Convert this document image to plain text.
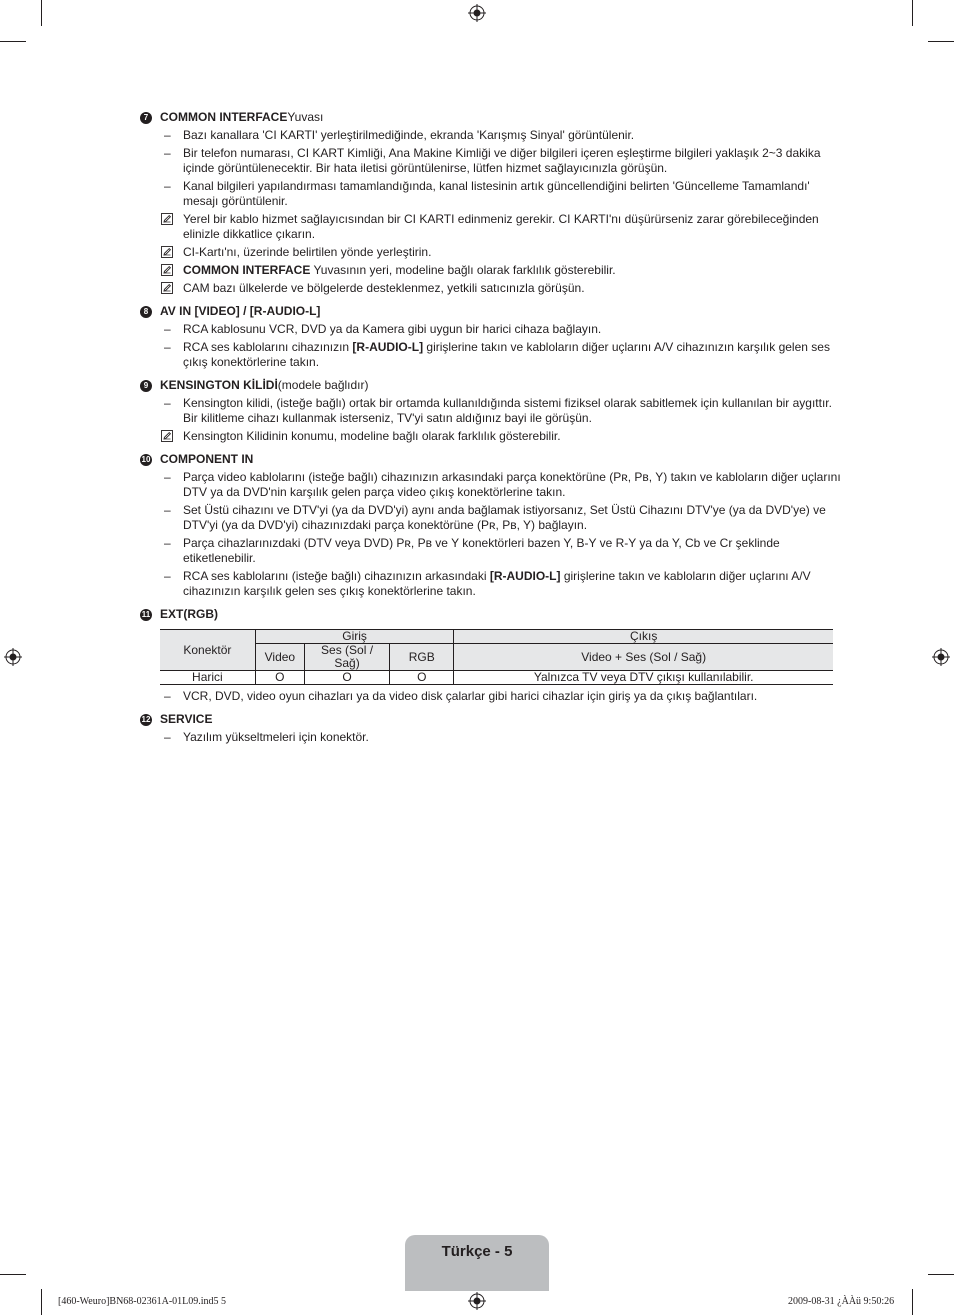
7 COMMON INTERFACE Yuvası
– Bazı kanallara 'CI KARTI' yerleştirilmediğinde, ekranda 'Karışmış Sinyal' görüntülenir.
– Bir telefon numarası, CI KART Kimliği, Ana Makine Kimliği ve diğer bilgileri içeren eşleştirme bilgileri yaklaşık 2~3 dakika içinde görüntülenecektir. Bir hata iletisi görüntülenirse, lütfen hizmet sağlayıcınızla görüşün.
– Kanal bilgileri yapılandırması tamamlandığında, kanal listesinin artık güncellendiğini belirten 'Güncelleme Tamamlandı' mesajı görüntülenir.
Yerel bir kablo hizmet sağlayıcısından bir CI KARTI edinmeniz gerekir. CI KARTI'nı düşürürseniz zarar görebileceğinden elinizle dikkatlice çıkarın.
CI-Kartı'nı, üzerinde belirtilen yönde yerleştirin.
COMMON INTERFACE Yuvasının yeri, modeline bağlı olarak farklılık gösterebilir.
CAM bazı ülkelerde ve bölgelerde desteklenmez, yetkili satıcınızla görüşün.
8 AV IN [VIDEO] / [R-AUDIO-L]
– RCA kablosunu VCR, DVD ya da Kamera gibi uygun bir harici cihaza bağlayın.
– RCA ses kablolarını cihazınızın [R-AUDIO-L] girişlerine takın ve kabloların diğer uçlarını A/V cihazınızın karşılık gelen ses çıkış konektörlerine takın.
9 KENSINGTON KİLİDİ (modele bağlıdır)
– Kensington kilidi, (isteğe bağlı) ortak bir ortamda kullanıldığında sistemi fiziksel olarak sabitlemek için kullanılan bir aygıttır. Bir kilitleme cihazı kullanmak isterseniz, TV'yi satın aldığınız bayi ile görüşün.
Kensington Kilidinin konumu, modeline bağlı olarak farklılık gösterebilir.
10 COMPONENT IN
– Parça video kablolarını (isteğe bağlı) cihazınızın arkasındaki parça konektörüne (Pʀ, Pʙ, Y) takın ve kabloların diğer uçlarını DTV ya da DVD'nin karşılık gelen parça video çıkış konektörlerine takın.
– Set Üstü cihazını ve DTV'yi (ya da DVD'yi) aynı anda bağlamak istiyorsanız, Set Üstü Cihazını DTV'ye (ya da DVD'ye) ve DTV'yi (ya da DVD'yi) cihazınızdaki parça konektörüne (Pʀ, Pʙ, Y) bağlayın.
– Parça cihazlarınızdaki (DTV veya DVD) Pʀ, Pʙ ve Y konektörleri bazen Y, B-Y ve R-Y ya da Y, Cb ve Cr şeklinde etiketlenebilir.
– RCA ses kablolarını (isteğe bağlı) cihazınızın arkasındaki [R-AUDIO-L] girişlerine takın ve kabloların diğer uçlarını A/V cihazınızın karşılık gelen ses çıkış konektörlerine takın.
11 EXT(RGB)
Konektör	Giriş			Çıkış
	Video	Ses (Sol / Sağ)	RGB	Video + Ses (Sol / Sağ)
Harici	O	O	O	Yalnızca TV veya DTV çıkışı kullanılabilir.
– VCR, DVD, video oyun cihazları ya da video disk çalarlar gibi harici cihazlar için giriş ya da çıkış bağlantıları.
12 SERVICE
– Yazılım yükseltmeleri için konektör.
Türkçe - 5
[460-Weuro]BN68-02361A-01L09.ind5 5	2009-08-31 ¿ÀÀü 9:50:26
